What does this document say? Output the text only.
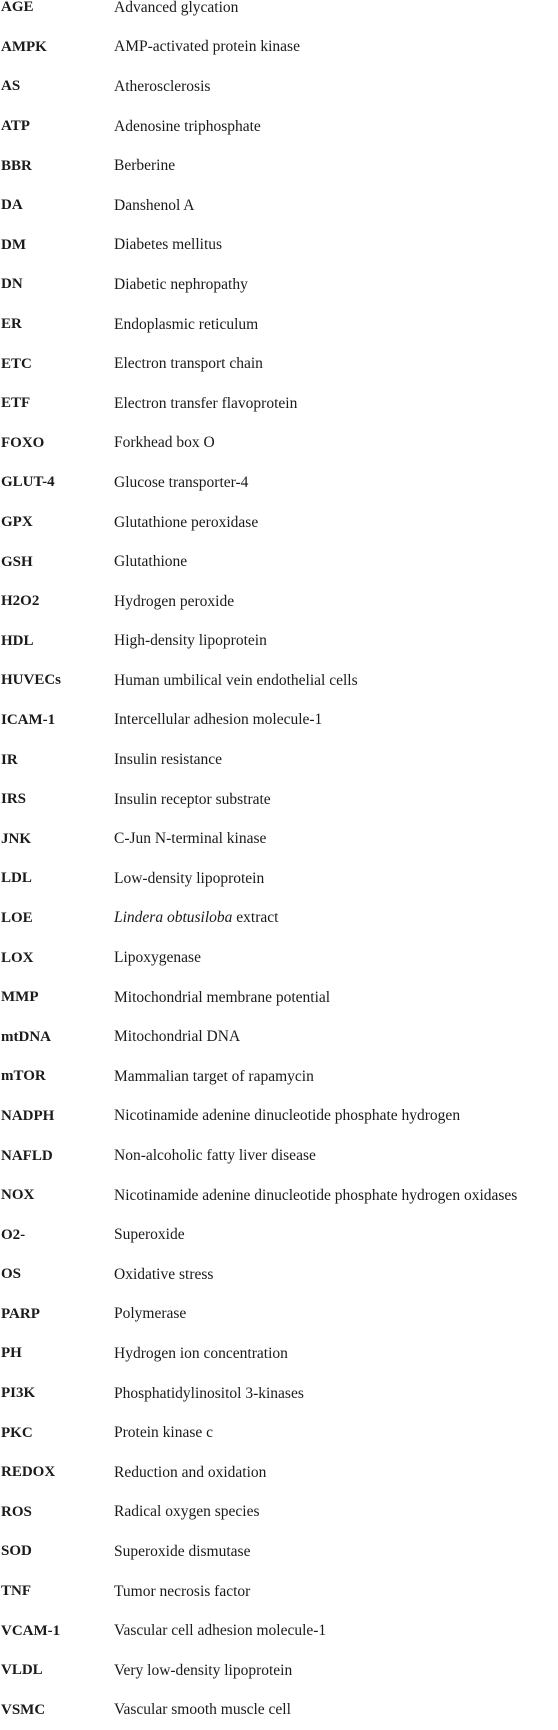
AGE	Advanced glycation
AMPK	AMP-activated protein kinase
AS	Atherosclerosis
ATP	Adenosine triphosphate
BBR	Berberine
DA	Danshenol A
DM	Diabetes mellitus
DN	Diabetic nephropathy
ER	Endoplasmic reticulum
ETC	Electron transport chain
ETF	Electron transfer flavoprotein
FOXO	Forkhead box O
GLUT-4	Glucose transporter-4
GPX	Glutathione peroxidase
GSH	Glutathione
H2O2	Hydrogen peroxide
HDL	High-density lipoprotein
HUVECs	Human umbilical vein endothelial cells
ICAM-1	Intercellular adhesion molecule-1
IR	Insulin resistance
IRS	Insulin receptor substrate
JNK	C-Jun N-terminal kinase
LDL	Low-density lipoprotein
LOE	Lindera obtusiloba extract
LOX	Lipoxygenase
MMP	Mitochondrial membrane potential
mtDNA	Mitochondrial DNA
mTOR	Mammalian target of rapamycin
NADPH	Nicotinamide adenine dinucleotide phosphate hydrogen
NAFLD	Non-alcoholic fatty liver disease
NOX	Nicotinamide adenine dinucleotide phosphate hydrogen oxidases
O2-	Superoxide
OS	Oxidative stress
PARP	Polymerase
PH	Hydrogen ion concentration
PI3K	Phosphatidylinositol 3-kinases
PKC	Protein kinase c
REDOX	Reduction and oxidation
ROS	Radical oxygen species
SOD	Superoxide dismutase
TNF	Tumor necrosis factor
VCAM-1	Vascular cell adhesion molecule-1
VLDL	Very low-density lipoprotein
VSMC	Vascular smooth muscle cell
